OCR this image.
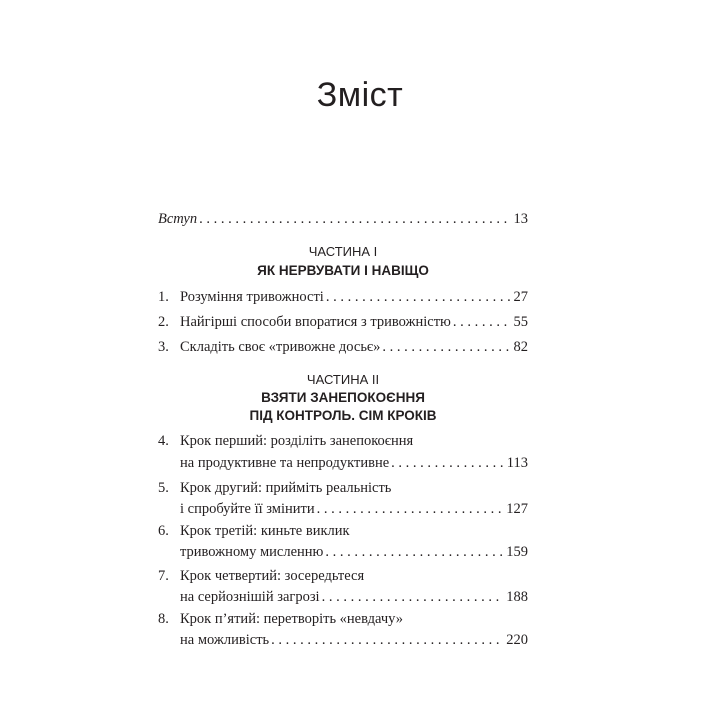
Зміст
Вступ . . .	13
ЧАСТИНА І
ЯК НЕРВУВАТИ І НАВІЩО
1. Розуміння тривожності . . .	27
2. Найгірші способи впоратися з тривожністю . . .	55
3. Складіть своє «тривожне досьє» . . .	82
ЧАСТИНА ІІ
ВЗЯТИ ЗАНЕПОКОЄННЯ
ПІД КОНТРОЛЬ. СІМ КРОКІВ
4. Крок перший: розділіть занепокоєння
на продуктивне та непродуктивне . . .	113
5. Крок другий: прийміть реальність
і спробуйте її змінити . . .	127
6. Крок третій: киньте виклик
тривожному мисленню . . .	159
7. Крок четвертий: зосередьтеся
на серйознішій загрозі . . .	188
8. Крок п’ятий: перетворіть «невдачу»
на можливість . . .	220
